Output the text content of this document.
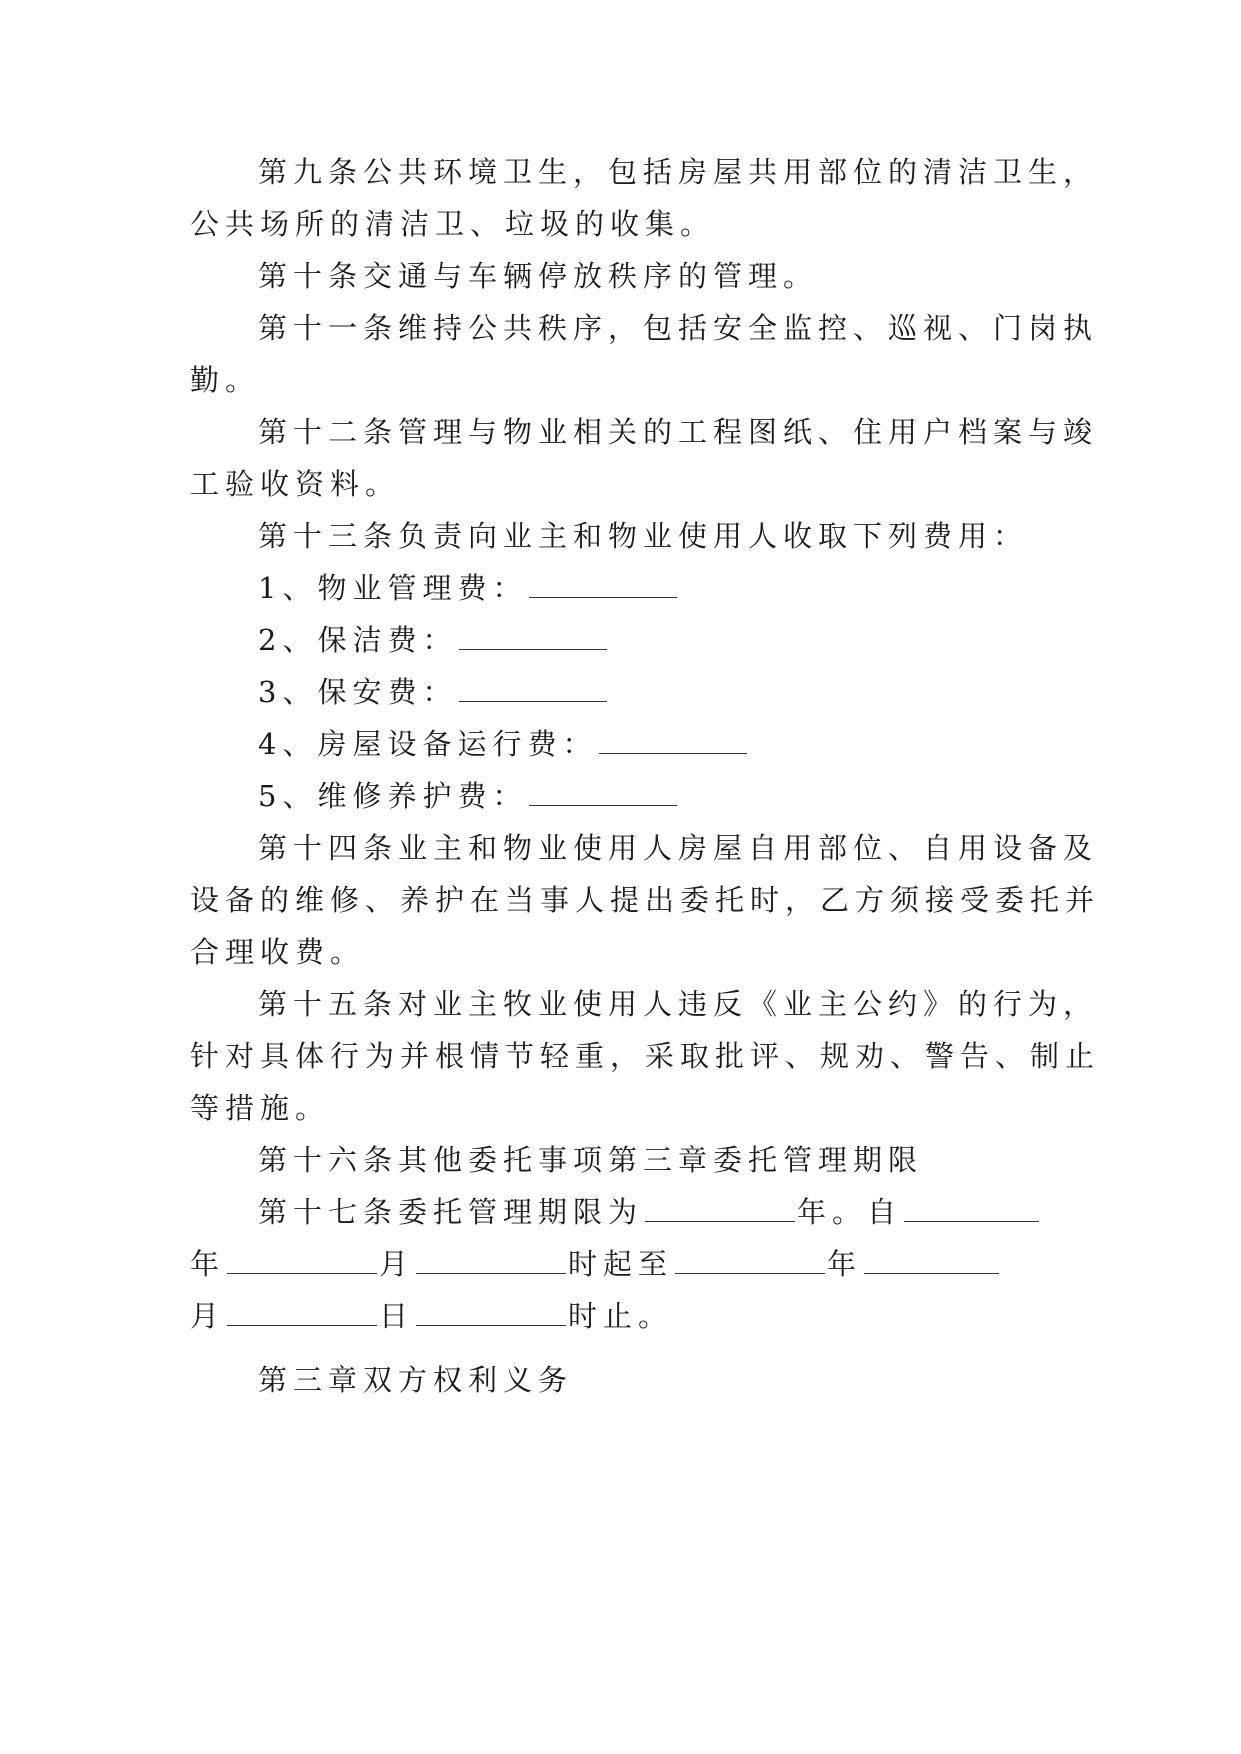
第九条公共环境卫生，包括房屋共用部位的清洁卫生，
公共场所的清洁卫、垃圾的收集。
第十条交通与车辆停放秩序的管理。
第十一条维持公共秩序，包括安全监控、巡视、门岗执
勤。
第十二条管理与物业相关的工程图纸、住用户档案与竣
工验收资料。
第十三条负责向业主和物业使用人收取下列费用：
1、物业管理费：
2、保洁费：
3、保安费：
4、房屋设备运行费：
5、维修养护费：
第十四条业主和物业使用人房屋自用部位、自用设备及
设备的维修、养护在当事人提出委托时，乙方须接受委托并
合理收费。
第十五条对业主牧业使用人违反《业主公约》的行为，
针对具体行为并根情节轻重，采取批评、规劝、警告、制止
等措施。
第十六条其他委托事项第三章委托管理期限
第十七条委托管理期限为	年。自
年	月	时起至	年
月	日	时止。
第三章双方权利义务
